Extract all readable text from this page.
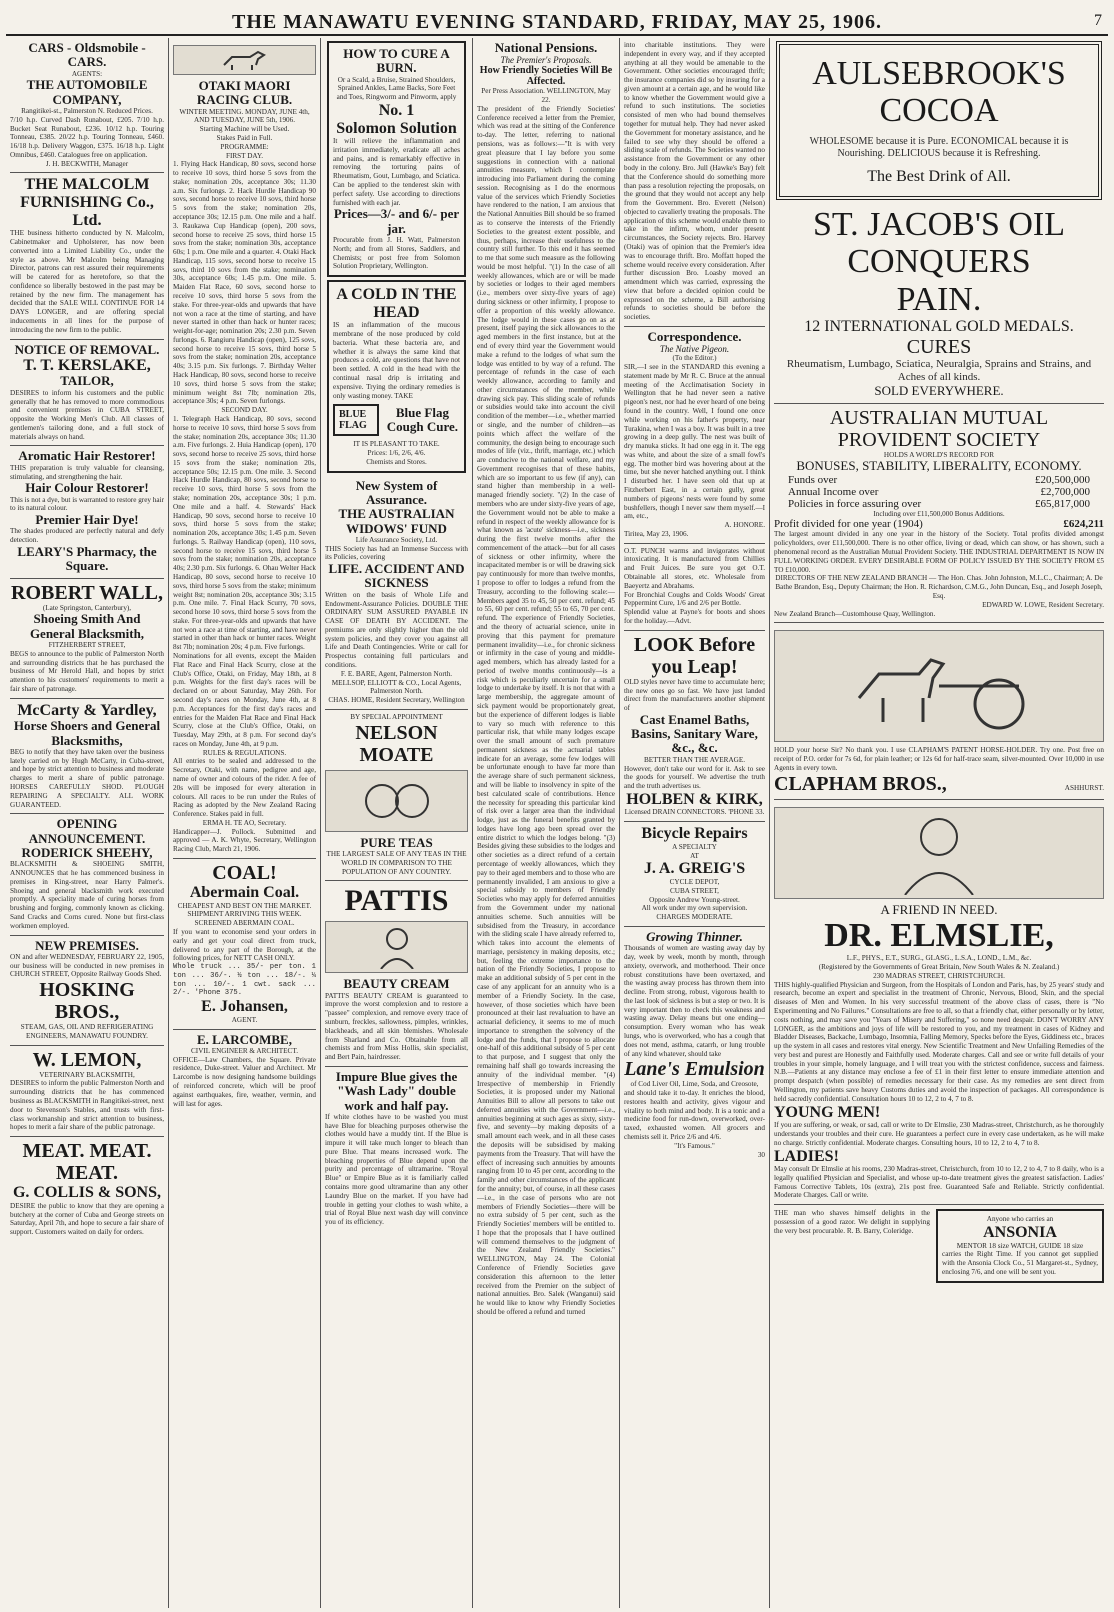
THE MANAWATU EVENING STANDARD, FRIDAY, MAY 25, 1906.	7
CARS - Oldsmobile - CARS.
AGENTS:
THE AUTOMOBILE COMPANY,
Rangitikei-st., Palmerston N. Reduced Prices.
7/10 h.p. Curved Dash Runabout, £205. 7/10 h.p. Bucket Seat Runabout, £236. 10/12 h.p. Touring Tonneau, £385. 20/22 h.p. Touring Tonneau, £460. 16/18 h.p. Delivery Waggon, £375. 16/18 h.p. Light Omnibus, £460. Catalogues free on application.
J. H. BECKWITH, Manager
THE MALCOLM FURNISHING Co., Ltd.
THE business hitherto conducted by N. Malcolm, Cabinetmaker and Upholsterer, has now been converted into a Limited Liability Co., under the style as above. Mr Malcolm being Managing Director, patrons can rest assured their requirements will be catered for as heretofore, so that the confidence so liberally bestowed in the past may be retained by the new firm. The management has decided that the SALE WILL CONTINUE FOR 14 DAYS LONGER, and are offering special inducements in all lines for the purpose of introducing the new firm to the public.
NOTICE OF REMOVAL.
T. T. KERSLAKE,
TAILOR,
DESIRES to inform his customers and the public generally that he has removed to more commodious and convenient premises in CUBA STREET, opposite the Working Men's Club. All classes of gentlemen's tailoring done, and a full stock of materials always on hand.
Aromatic Hair Restorer!
THIS preparation is truly valuable for cleansing, stimulating, and strengthening the hair.
Hair Colour Restorer!
This is not a dye, but is warranted to restore grey hair to its natural colour.
Premier Hair Dye!
The shades produced are perfectly natural and defy detection.
LEARY'S Pharmacy, the Square.
ROBERT WALL,
(Late Springston, Canterbury),
Shoeing Smith And General Blacksmith,
FITZHERBERT STREET,
BEGS to announce to the public of Palmerston North and surrounding districts that he has purchased the business of Mr Herold Hall, and hopes by strict attention to his customers' requirements to merit a fair share of patronage.
McCarty & Yardley,
Horse Shoers and General Blacksmiths,
BEG to notify that they have taken over the business lately carried on by Hugh McCarty, in Cuba-street, and hope by strict attention to business and moderate charges to merit a share of public patronage. HORSES CAREFULLY SHOD. PLOUGH REPAIRING A SPECIALTY. ALL WORK GUARANTEED.
OPENING ANNOUNCEMENT.
RODERICK SHEEHY,
BLACKSMITH & SHOEING SMITH, ANNOUNCES that he has commenced business in premises in King-street, near Harry Palmer's. Shoeing and general blacksmith work executed promptly. A speciality made of curing horses from brushing and forging, commonly known as clicking. Sand Cracks and Corns cured. None but first-class workmen employed.
NEW PREMISES.
ON and after WEDNESDAY, FEBRUARY 22, 1905, our business will be conducted in new premises in CHURCH STREET, Opposite Railway Goods Shed.
HOSKING BROS.,
STEAM, GAS, OIL AND REFRIGERATING ENGINEERS, MANAWATU FOUNDRY.
W. LEMON,
VETERINARY BLACKSMITH,
DESIRES to inform the public Palmerston North and surrounding districts that he has commenced business as BLACKSMITH in Rangitikei-street, next door to Stevenson's Stables, and trusts with first-class workmanship and strict attention to business, hopes to merit a fair share of the public patronage.
MEAT. MEAT. MEAT.
G. COLLIS & SONS,
DESIRE the public to know that they are opening a butchery at the corner of Cuba and George streets on Saturday, April 7th, and hope to secure a fair share of support. Customers waited on daily for orders.
OTAKI MAORI RACING CLUB.
WINTER MEETING. MONDAY, JUNE 4th, AND TUESDAY, JUNE 5th, 1906.
Starting Machine will be Used.
Stakes Paid in Full.
PROGRAMME:
FIRST DAY.
1. Flying Hack Handicap, 80 sovs, second horse to receive 10 sovs, third horse 5 sovs from the stake; nomination 20s, acceptance 30s; 11.30 a.m. Six furlongs. 2. Hack Hurdle Handicap 90 sovs, second horse to receive 10 sovs, third horse 5 sovs from the stake; nomination 20s, acceptance 30s; 12.15 p.m. One mile and a half. 3. Raukawa Cup Handicap (open), 200 sovs, second horse to receive 25 sovs, third horse 15 sovs from the stake; nomination 30s, acceptance 60s; 1 p.m. One mile and a quarter. 4. Otaki Hack Handicap, 115 sovs, second horse to receive 15 sovs, third 10 sovs from the stake; nomination 30s, acceptance 60s; 1.45 p.m. One mile. 5. Maiden Flat Race, 60 sovs, second horse to receive 10 sovs, third horse 5 sovs from the stake. For three-year-olds and upwards that have not won a race at the time of starting, and have never started in other than hack or hunter races; weight-for-age; nomination 20s; 2.30 p.m. Seven furlongs. 6. Rangiuru Handicap (open), 125 sovs, second horse to receive 15 sovs, third horse 5 sovs from the stake; nomination 20s, acceptance 40s; 3.15 p.m. Six furlongs. 7. Birthday Welter Hack Handicap, 80 sovs, second horse to receive 10 sovs, third horse 5 sovs from the stake; minimum weight 8st 7lb; nomination 20s, acceptance 30s; 4 p.m. Seven furlongs.
SECOND DAY.
1. Telegraph Hack Handicap, 80 sovs, second horse to receive 10 sovs, third horse 5 sovs from the stake; nomination 20s, acceptance 30s; 11.30 a.m. Five furlongs. 2. Huia Handicap (open), 170 sovs, second horse to receive 25 sovs, third horse 15 sovs from the stake; nomination 20s, acceptance 50s; 12.15 p.m. One mile. 3. Second Hack Hurdle Handicap, 80 sovs, second horse to receive 10 sovs, third horse 5 sovs from the stake; nomination 20s, acceptance 30s; 1 p.m. One mile and a half. 4. Stewards' Hack Handicap, 90 sovs, second horse to receive 10 sovs, third horse 5 sovs from the stake; nomination 20s, acceptance 30s; 1.45 p.m. Seven furlongs. 5. Railway Handicap (open), 110 sovs, second horse to receive 15 sovs, third horse 5 sovs from the stake; nomination 20s, acceptance 40s; 2.30 p.m. Six furlongs. 6. Ohau Welter Hack Handicap, 80 sovs, second horse to receive 10 sovs, third horse 5 sovs from the stake; minimum weight 8st; nomination 20s, acceptance 30s; 3.15 p.m. One mile. 7. Final Hack Scurry, 70 sovs, second horse 10 sovs, third horse 5 sovs from the stake. For three-year-olds and upwards that have not won a race at time of starting, and have never started in other than hack or hunter races. Weight 8st 7lb; nomination 20s; 4 p.m. Five furlongs.
Nominations for all events, except the Maiden Flat Race and Final Hack Scurry, close at the Club's Office, Otaki, on Friday, May 18th, at 8 p.m. Weights for the first day's races will be declared on or about Saturday, May 26th. For second day's races on Monday, June 4th, at 8 p.m. Acceptances for the first day's races and entries for the Maiden Flat Race and Final Hack Scurry, close at the Club's Office, Otaki, on Tuesday, May 29th, at 8 p.m. For second day's races on Monday, June 4th, at 9 p.m.
RULES & REGULATIONS.
All entries to be sealed and addressed to the Secretary, Otaki, with name, pedigree and age, name of owner and colours of the rider. A fee of 20s will be imposed for every alteration in colours. All races to be run under the Rules of Racing as adopted by the New Zealand Racing Conference. Stakes paid in full.
ERMA H. TE AO, Secretary.
Handicapper—J. Pollock. Submitted and approved — A. K. Whyte, Secretary, Wellington Racing Club, March 21, 1906.
COAL!
Abermain Coal.
CHEAPEST AND BEST ON THE MARKET. SHIPMENT ARRIVING THIS WEEK. SCREENED ABERMAIN COAL.
If you want to economise send your orders in early and get your coal direct from truck, delivered to any part of the Borough, at the following prices, for NETT CASH ONLY.
Whole truck ... 35/- per ton. 1 ton ... 36/-. ½ ton ... 18/-. ¼ ton ... 10/-. 1 cwt. sack ... 2/-. 'Phone 375.
E. Johansen,
AGENT.
E. LARCOMBE,
CIVIL ENGINEER & ARCHITECT.
OFFICE—Law Chambers, the Square. Private residence, Duke-street. Valuer and Architect. Mr Larcombe is now designing handsome buildings of reinforced concrete, which will be proof against earthquakes, fire, weather, vermin, and will last for ages.
HOW TO CURE A BURN.
Or a Scald, a Bruise, Strained Shoulders, Sprained Ankles, Lame Backs, Sore Feet and Toes, Ringworm and Pinworm, apply
No. 1
Solomon Solution
It will relieve the inflammation and irritation immediately, eradicate all aches and pains, and is remarkably effective in removing the torturing pains of Rheumatism, Gout, Lumbago, and Sciatica. Can be applied to the tenderest skin with perfect safety. Use according to directions furnished with each jar.
Prices—3/- and 6/- per jar.
Procurable from J. H. Watt, Palmerston North; and from all Stores, Saddlers, and Chemists; or post free from Solomon Solution Proprietary, Wellington.
A COLD IN THE HEAD
IS an inflammation of the mucous membrane of the nose produced by cold bacteria. What these bacteria are, and whether it is always the same kind that produces a cold, are questions that have not been settled. A cold in the head with the continual nasal drip is irritating and expensive. Trying the ordinary remedies is only wasting money. TAKE
BLUE FLAG
Blue Flag Cough Cure.
IT IS PLEASANT TO TAKE.
Prices: 1/6, 2/6, 4/6.
Chemists and Stores.
New System of Assurance.
THE AUSTRALIAN WIDOWS' FUND
Life Assurance Society, Ltd.
THIS Society has had an Immense Success with its Policies, covering
LIFE. ACCIDENT AND SICKNESS
Written on the basis of Whole Life and Endowment-Assurance Policies. DOUBLE THE ORDINARY SUM ASSURED PAYABLE IN CASE OF DEATH BY ACCIDENT. The premiums are only slightly higher than the old system policies, and they cover you against all Life and Death Contingencies. Write or call for Prospectus containing full particulars and conditions.
F. E. BARE, Agent, Palmerston North.
MELLSOP, ELLIOTT & CO., Local Agents, Palmerston North.
CHAS. HOME, Resident Secretary, Wellington
BY SPECIAL APPOINTMENT
NELSON MOATE
PURE TEAS
THE LARGEST SALE OF ANY TEAS IN THE WORLD IN COMPARISON TO THE POPULATION OF ANY COUNTRY.
PATTIS
BEAUTY CREAM
PATTI'S BEAUTY CREAM is guaranteed to improve the worst complexion and to restore a "passee" complexion, and remove every trace of sunburn, freckles, sallowness, pimples, wrinkles, blackheads, and all skin blemishes. Wholesale from Sharland and Co. Obtainable from all chemists and from Miss Hollis, skin specialist, and Bert Pain, hairdresser.
Impure Blue gives the "Wash Lady" double work and half pay.
If white clothes have to be washed you must have Blue for bleaching purposes otherwise the clothes would have a muddy tint. If the Blue is impure it will take much longer to bleach than pure Blue. That means increased work. The bleaching properties of Blue depend upon the purity and percentage of ultramarine. "Royal Blue" or Empire Blue as it is familiarly called contains more good ultramarine than any other Laundry Blue on the market. If you have had trouble in getting your clothes to wash white, a trial of Royal Blue next wash day will convince you of its efficiency.
National Pensions.
The Premier's Proposals.
How Friendly Societies Will Be Affected.
Per Press Association. WELLINGTON, May 22.
The president of the Friendly Societies' Conference received a letter from the Premier, which was read at the sitting of the Conference to-day. The letter, referring to national pensions, was as follows:—"It is with very great pleasure that I lay before you some suggestions in connection with a national annuities measure, which I contemplate introducing into Parliament during the coming session. Recognising as I do the enormous value of the services which Friendly Societies have rendered to the nation, I am anxious that the National Annuities Bill should be so framed as to conserve the interests of the Friendly Societies to the greatest extent possible, and thus, perhaps, increase their usefulness to the country still further. To this end it has seemed to me that some such measure as the following would be most helpful. "(1) In the case of all weekly allowances, which are or will be made by societies or lodges to their aged members (i.e., members over sixty-five years of age) during sickness or other infirmity, I propose to offer a proportion of this weekly allowance. The lodge would in these cases go on as at present, itself paying the sick allowances to the aged members in the first instance, but at the end of every third year the Government would make a refund to the lodges of what sum the lodge was entitled to by way of a refund. The percentage of refunds in the case of each weekly allowance, according to family and other circumstances of the member, while drawing sick pay. This sliding scale of refunds or subsidies would take into account the civil condition of the member—i.e., whether married or single, and the number of children—as points which affect the welfare of the community, the design being to encourage such modes of life (viz., thrift, marriage, etc.) which are conducive to the national welfare, and my Government recognises that of these habits, which are so important to us few (if any), can stand higher than membership in a well-managed friendly society. "(2) In the case of members who are under sixty-five years of age, the Government would not be able to make a refund in respect of the weekly allowance for is what known as 'acute' sickness—i.e., sickness during the first twelve months after the commencement of the attack—but for all cases of sickness or other infirmity, where the incapacitated member is or will be drawing sick pay continuously for more than twelve months, I propose to offer to lodges a refund from the Treasury, according to the following scale:—Members aged 35 to 45, 50 per cent. refund; 45 to 55, 60 per cent. refund; 55 to 65, 70 per cent. refund. The experience of Friendly Societies, and the theory of actuarial science, unite in proving that this payment for premature permanent invalidity—i.e., for chronic sickness or infirmity in the case of young and middle-aged members, which has already lasted for a period of twelve months continuously—is a risk which is peculiarly uncertain for a small lodge to undertake by itself. It is not that with a large membership, the aggregate amount of sick payment would be proportionately great, but the experience of different lodges is liable to vary so much with reference to this particular risk, that while many lodges escape over the small amount of such premature permanent sickness as the actuarial tables indicate for an average, some few lodges will be unfortunate enough to have far more than the average share of such permanent sickness, and will be liable to insolvency in spite of the best calculated scale of contributions. Hence the necessity for spreading this particular kind of risk over a larger area than the individual lodge, just as the funeral benefits granted by lodges have long ago been spread over the entire district to which the lodges belong. "(3) Besides giving these subsidies to the lodges and other societies as a direct refund of a certain percentage of weekly allowances, which they pay to their aged members and to those who are permanently invalided, I am anxious to give a special subsidy to members of Friendly Societies who may apply for deferred annuities from the Government under my national annuities scheme. Such annuities will be subsidised from the Treasury, in accordance with the sliding scale I have already referred to, which takes into account the elements of marriage, persistency in making deposits, etc.; but, feeling the extreme importance to the nation of the Friendly Societies, I propose to make an additional subsidy of 5 per cent in the case of any applicant for an annuity who is a member of a Friendly Society. In the case, however, of those societies which have been pronounced at their last revaluation to have an actuarial deficiency, it seems to me of much importance to strengthen the solvency of the lodge and the funds, that I propose to allocate one-half of this additional subsidy of 5 per cent to that purpose, and I suggest that only the remaining half shall go towards increasing the annuity of the individual member. "(4) Irrespective of membership in Friendly Societies, it is proposed under my National Annuities Bill to allow all persons to take out deferred annuities with the Government—i.e., annuities beginning at such ages as sixty, sixty-five, and seventy—by making deposits of a small amount each week, and in all these cases the deposits will be subsidised by making payments from the Treasury. That will have the effect of increasing such annuities by amounts ranging from 10 to 45 per cent, according to the family and other circumstances of the applicant for the annuity; but, of course, in all these cases—i.e., in the case of persons who are not members of Friendly Societies—there will be no extra subsidy of 5 per cent, such as the Friendly Societies' members will be entitled to. I hope that the proposals that I have outlined will commend themselves to the judgment of the New Zealand Friendly Societies." WELLINGTON, May 24. The Colonial Conference of Friendly Societies gave consideration this afternoon to the letter received from the Premier on the subject of national annuities. Bro. Salek (Wanganui) said he would like to know why Friendly Societies should be offered a refund and turned
into charitable institutions. They were independent in every way, and if they accepted anything at all they would be amenable to the Government. Other societies encouraged thrift; the insurance companies did so by insuring for a given amount at a certain age, and he would like to know whether the Government would give a refund to such institutions. The societies consisted of men who had bound themselves together for mutual help. They had never asked the Government for monetary assistance, and he failed to see why they should be offered a sliding scale of refunds. The Societies wanted no assistance from the Government or any other body in the colony. Bro. Jull (Hawke's Bay) felt that the Conference should do something more than pass a resolution rejecting the proposals, on the ground that they would not accept any help from the Government. Bro. Everett (Nelson) objected to cavalierly treating the proposals. The application of this scheme would enable them to take in the infirm, whom, under present circumstances, the Society rejects. Bro. Harvey (Otaki) was of opinion that the Premier's idea was to encourage thrift. Bro. Moffatt hoped the scheme would receive every consideration. After further discussion Bro. Loasby moved an amendment which was carried, expressing the view that before a decided opinion could be expressed on the scheme, a Bill authorising refunds to societies should be before the societies.
Correspondence.
The Native Pigeon.
(To the Editor.)
SIR,—I see in the STANDARD this evening a statement made by Mr R. C. Bruce at the annual meeting of the Acclimatisation Society in Wellington that he had never seen a native pigeon's nest, nor had he ever heard of one being found in the country. Well, I found one once while working on his father's property, near Turakina, when I was a boy. It was built in a tree growing in a deep gully. The nest was built of dry manuka sticks. It had one egg in it. The egg was white, and about the size of a small fowl's egg. The mother bird was hovering about at the time, but she never hatched anything out. I think I disturbed her. I have seen old that up at Fitzherbert East, in a certain gully, great numbers of pigeons' nests were found by some bushfellers, though I never saw them myself.—I am, etc.,
A. HONORE.
Tiritea, May 23, 1906.
O.T. PUNCH warms and invigorates without intoxicating. It is manufactured from Chillies and Fruit Juices. Be sure you get O.T. Obtainable all stores, etc. Wholesale from Baeyertz and Abrahams.
For Bronchial Coughs and Colds Woods' Great Peppermint Cure, 1/6 and 2/6 per Bottle.
Splendid value at Payne's for boots and shoes for the holiday.—Advt.
LOOK Before you Leap!
OLD styles never have time to accumulate here; the new ones go so fast. We have just landed direct from the manufacturers another shipment of
Cast Enamel Baths, Basins, Sanitary Ware, &c., &c.
BETTER THAN THE AVERAGE.
However, don't take our word for it. Ask to see the goods for yourself. We advertise the truth and the truth advertises us.
HOLBEN & KIRK,
Licensed DRAIN CONNECTORS. 'PHONE 33.
Bicycle Repairs
A SPECIALTY
AT
J. A. GREIG'S
CYCLE DEPOT,
CUBA STREET,
Opposite Andrew Young-street.
All work under my own supervision. CHARGES MODERATE.
Growing Thinner.
Thousands of women are wasting away day by day, week by week, month by month, through anxiety, overwork, and motherhood. Their once robust constitutions have been overtaxed, and the wasting away process has thrown them into decline. From strong, robust, vigorous health to the last look of sickness is but a step or two. It is very important then to check this weakness and wasting away. Delay means but one ending—consumption. Every woman who has weak lungs, who is overworked, who has a cough that does not mend, asthma, catarrh, or lung trouble of any kind whatever, should take
Lane's Emulsion
of Cod Liver Oil, Lime, Soda, and Creosote,
and should take it to-day. It enriches the blood, restores health and activity, gives vigour and vitality to both mind and body. It is a tonic and a medicine food for run-down, overworked, over-taxed, exhausted women. All grocers and chemists sell it. Price 2/6 and 4/6.
"It's Famous."
30
AULSEBROOK'S COCOA
WHOLESOME because it is Pure. ECONOMICAL because it is Nourishing. DELICIOUS because it is Refreshing.
The Best Drink of All.
ST. JACOB'S OIL
CONQUERS
PAIN.
12 INTERNATIONAL GOLD MEDALS.
CURES
Rheumatism, Lumbago, Sciatica, Neuralgia, Sprains and Strains, and Aches of all kinds.
SOLD EVERYWHERE.
AUSTRALIAN MUTUAL PROVIDENT SOCIETY
HOLDS A WORLD'S RECORD FOR
BONUSES, STABILITY, LIBERALITY, ECONOMY.
Funds over	£20,500,000
Annual Income over	£2,700,000
Policies in force assuring over	£65,817,000
Including over £11,500,000 Bonus Additions.
Profit divided for one year (1904)	£624,211
The largest amount divided in any one year in the history of the Society. Total profits divided amongst policyholders, over £11,500,000. There is no other office, living or dead, which can show, or has shown, such a phenomenal record as the Australian Mutual Provident Society. THE INDUSTRIAL DEPARTMENT IS NOW IN FULL WORKING ORDER. EVERY DESIRABLE FORM OF POLICY ISSUED BY THE SOCIETY FROM £5 TO £10,000.
DIRECTORS OF THE NEW ZEALAND BRANCH — The Hon. Chas. John Johnston, M.L.C., Chairman; A. De Bathe Brandon, Esq., Deputy Chairman; the Hon. R. Richardson, C.M.G., John Duncan, Esq., and Joseph Joseph, Esq.
EDWARD W. LOWE, Resident Secretary.
New Zealand Branch—Customhouse Quay, Wellington.
HOLD your horse Sir? No thank you. I use CLAPHAM'S PATENT HORSE-HOLDER. Try one. Post free on receipt of P.O. order for 7s 6d, for plain leather; or 12s 6d for half-trace seam, silver-mounted. Over 10,000 in use Agents in every town.
CLAPHAM BROS.,	ASHHURST.
A FRIEND IN NEED.
DR. ELMSLIE,
L.F., PHYS., E.T., SURG., GLASG., L.S.A., LOND., L.M., &c.
(Registered by the Governments of Great Britain, New South Wales & N. Zealand.)
230 MADRAS STREET, CHRISTCHURCH.
THIS highly-qualified Physician and Surgeon, from the Hospitals of London and Paris, has, by 25 years' study and research, become an expert and specialist in the treatment of Chronic, Nervous, Blood, Skin, and the special diseases of Men and Women. In his very successful treatment of the above class of cases, there is "No Experimenting and No Failures." Consultations are free to all, so that a friendly chat, either personally or by letter, costs nothing, and may save you "Years of Misery and Suffering," so none need despair. DON'T WORRY ANY LONGER, as the ambitions and joys of life will be restored to you, and my treatment in cases of Kidney and Bladder Diseases, Backache, Lumbago, Insomnia, Falling Memory, Specks before the Eyes, Giddiness etc., braces up the system in all cases and restores vital energy. New Scientific Treatment and New Unfailing Remedies of the very best and purest are Honestly and Faithfully used. Moderate charges. Call and see or write full details of your troubles in your simple, homely language, and I will treat you with the strictest confidence, success and fairness. N.B.—Patients at any distance may enclose a fee of £1 in their first letter to ensure immediate attention and prompt despatch (when possible) of remedies necessary for their case. As my remedies are sent direct from Wellington, my patients save heavy Customs duties and avoid the inspection of packages. All correspondence is held sacredly confidential. Consultation hours 10 to 12, 2 to 4, 7 to 8.
YOUNG MEN!
If you are suffering, or weak, or sad, call or write to Dr Elmslie, 230 Madras-street, Christchurch, as he thoroughly understands your troubles and their cure. He guarantees a perfect cure in every case undertaken, as he will make no charge. Strictly confidential. Moderate charges. Consulting hours, 10 to 12, 2 to 4, 7 to 8.
LADIES!
May consult Dr Elmslie at his rooms, 230 Madras-street, Christchurch, from 10 to 12, 2 to 4, 7 to 8 daily, who is a legally qualified Physician and Specialist, and whose up-to-date treatment gives the greatest satisfaction. Ladies' Famous Corrective Tablets, 10s (extra), 21s post free. Guaranteed Safe and Reliable. Strictly confidential. Moderate Charges. Call or write.
THE man who shaves himself delights in the possession of a good razor. We delight in supplying the very best procurable. R. B. Barry, Coleridge.
Anyone who carries an
ANSONIA
MENTOR 18 size WATCH, GUIDE 18 size
carries the Right Time. If you cannot get supplied with the Ansonia Clock Co., 51 Margaret-st., Sydney, enclosing 7/6, and one will be sent you.
